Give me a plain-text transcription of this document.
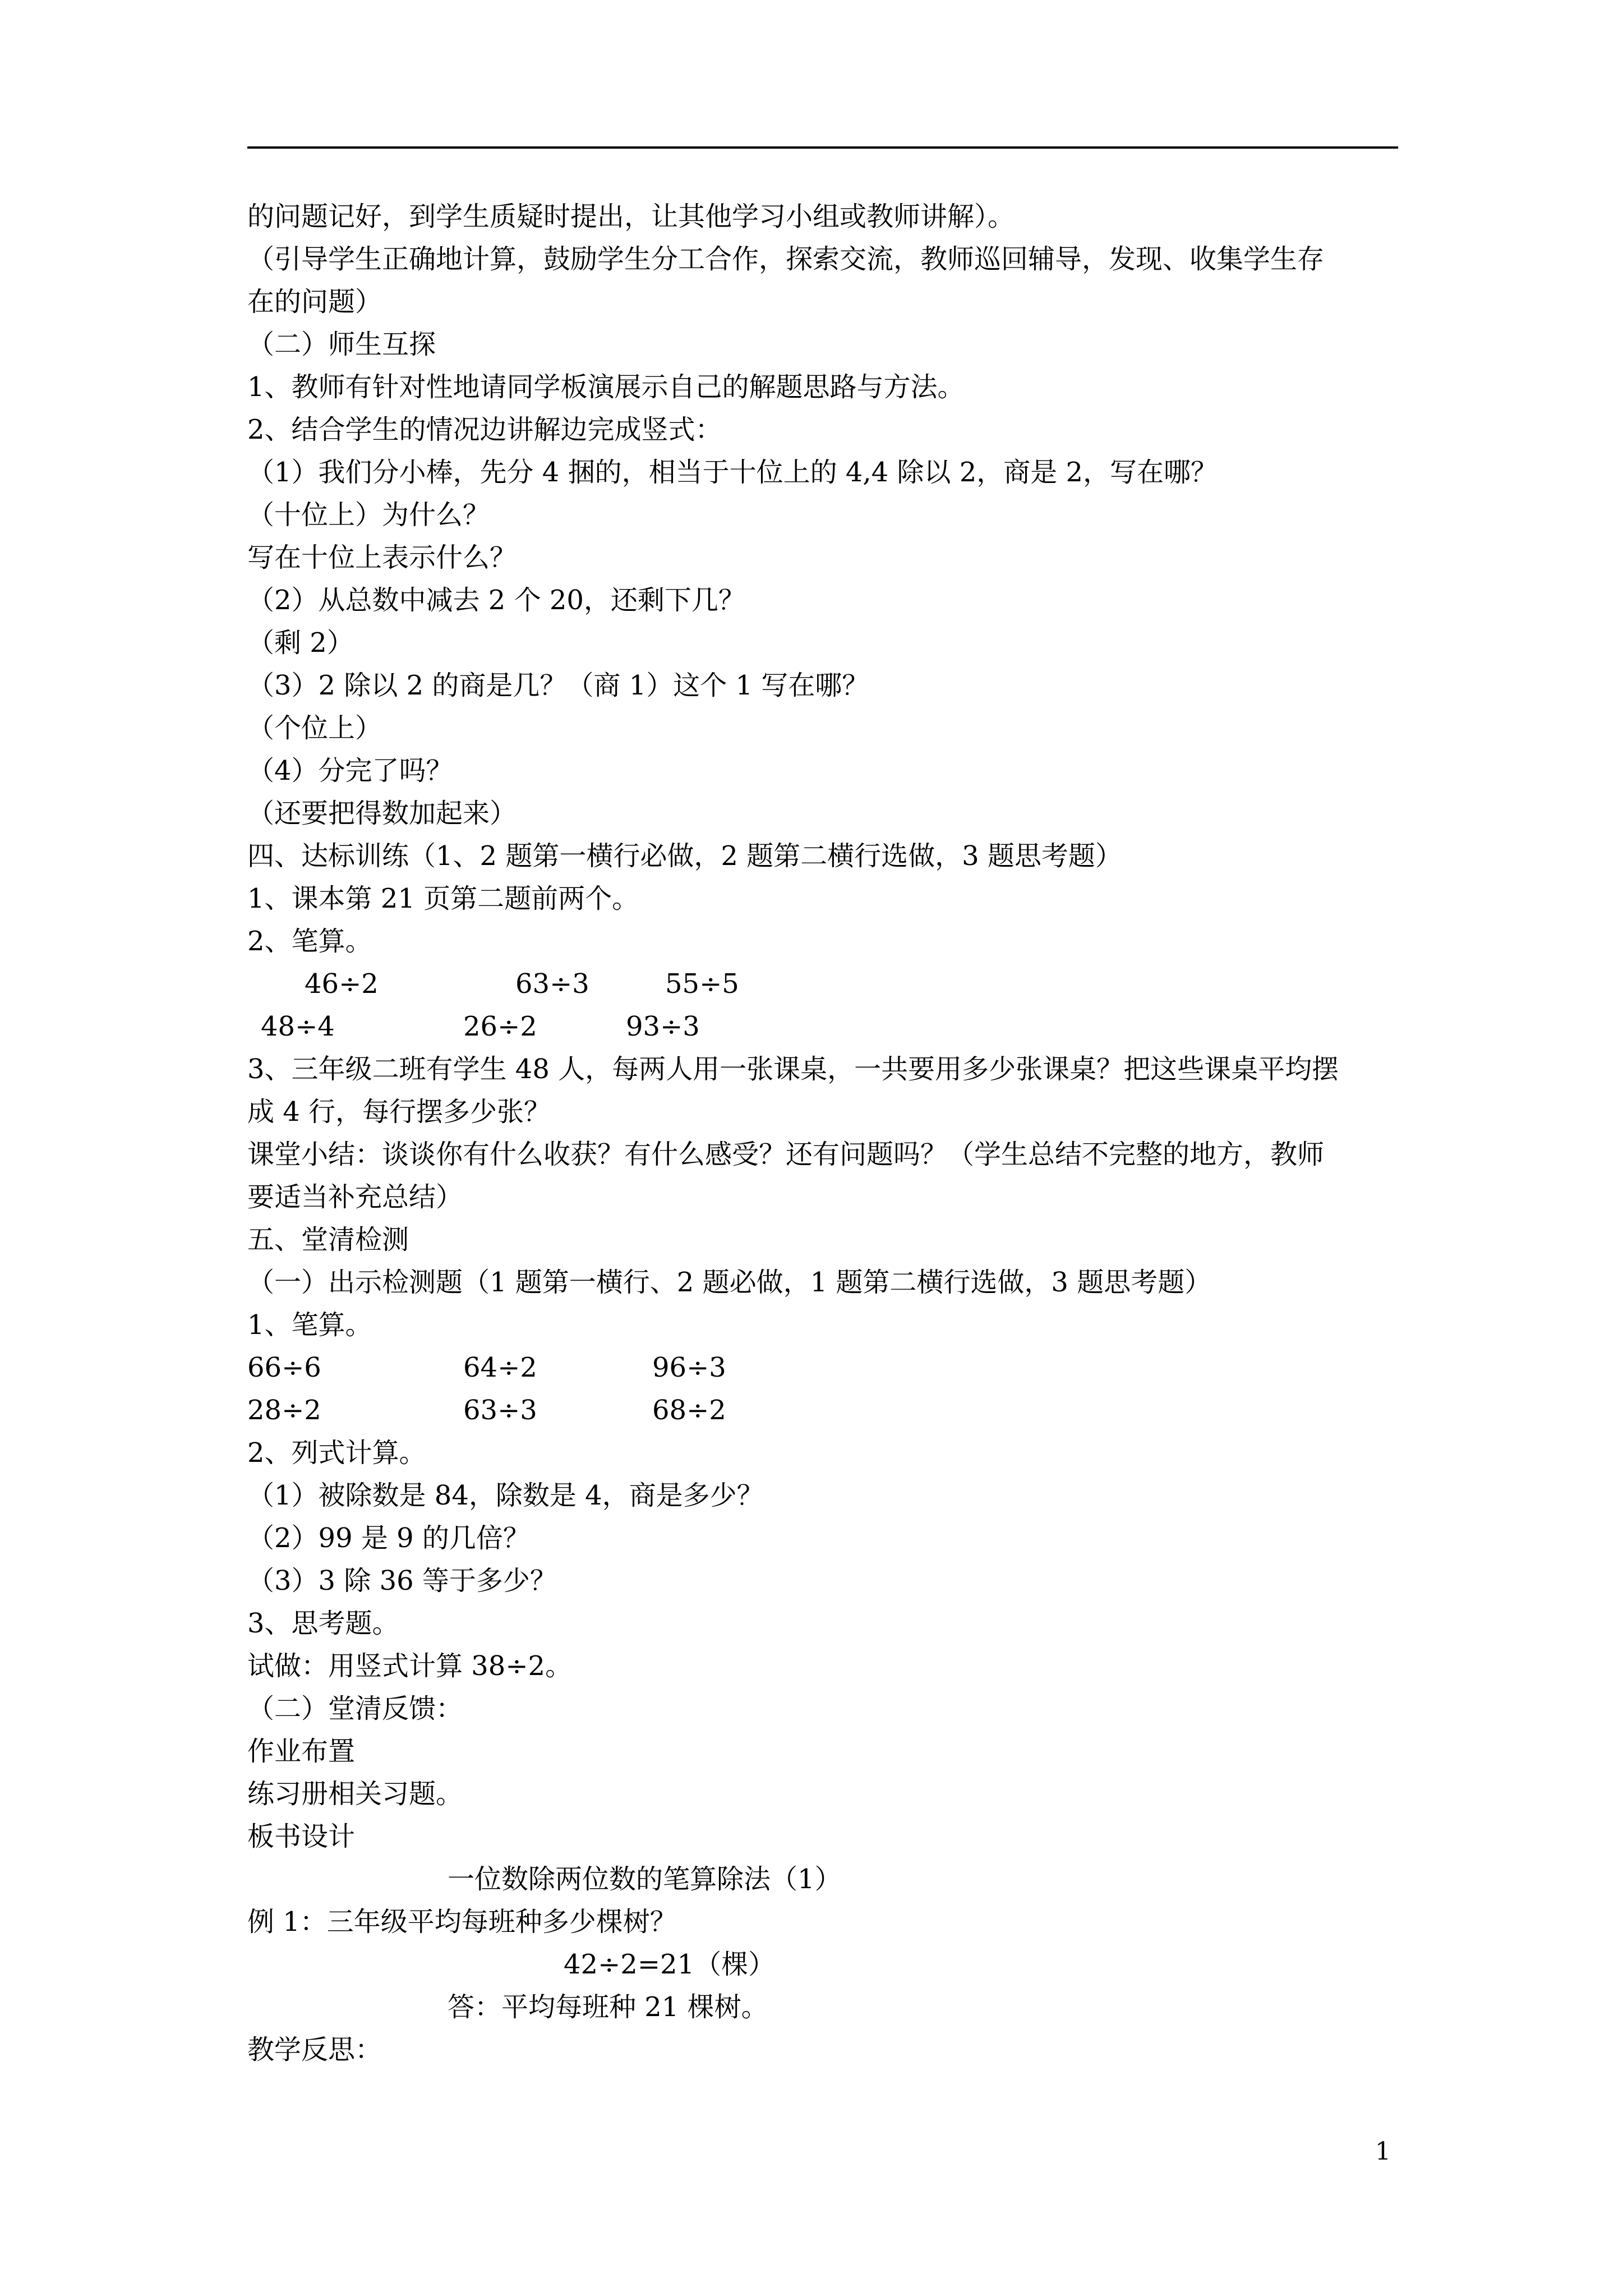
的问题记好，到学生质疑时提出，让其他学习小组或教师讲解）。
（引导学生正确地计算，鼓励学生分工合作，探索交流，教师巡回辅导，发现、收集学生存
在的问题）
（二）师生互探
1、教师有针对性地请同学板演展示自己的解题思路与方法。
2、结合学生的情况边讲解边完成竖式：
（1）我们分小棒，先分 4 捆的，相当于十位上的 4,4 除以 2，商是 2，写在哪？
（十位上）为什么？
写在十位上表示什么？
（2）从总数中减去 2 个 20，还剩下几？
（剩 2）
（3）2 除以 2 的商是几？（商 1）这个 1 写在哪？
（个位上）
（4）分完了吗？
（还要把得数加起来）
四、达标训练（1、2 题第一横行必做，2 题第二横行选做，3 题思考题）
1、课本第 21 页第二题前两个。
2、笔算。
46÷2	63÷3	55÷5
48÷4	26÷2	93÷3
3、三年级二班有学生 48 人，每两人用一张课桌，一共要用多少张课桌？把这些课桌平均摆
成 4 行，每行摆多少张？
课堂小结：谈谈你有什么收获？有什么感受？还有问题吗？（学生总结不完整的地方，教师
要适当补充总结）
五、堂清检测
（一）出示检测题（1 题第一横行、2 题必做，1 题第二横行选做，3 题思考题）
1、笔算。
66÷6	64÷2	96÷3
28÷2	63÷3	68÷2
2、列式计算。
（1）被除数是 84，除数是 4，商是多少？
（2）99 是 9 的几倍？
（3）3 除 36 等于多少？
3、思考题。
试做：用竖式计算 38÷2。
（二）堂清反馈：
作业布置
练习册相关习题。
板书设计
一位数除两位数的笔算除法（1）
例 1：三年级平均每班种多少棵树？
42÷2=21（棵）
答：平均每班种 21 棵树。
教学反思：
1
